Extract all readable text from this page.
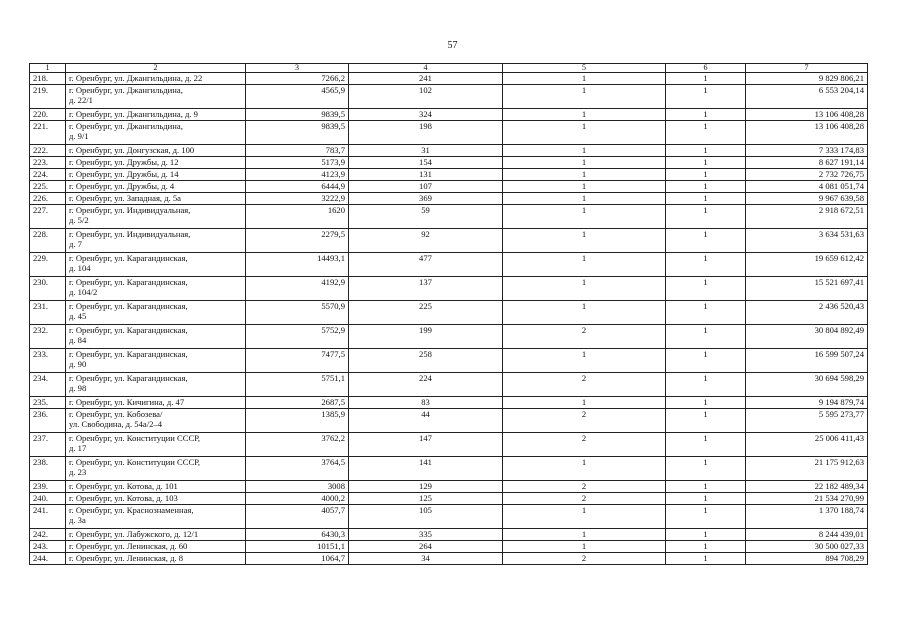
57
1	2	3	4	5	6	7
218.	г. Оренбург, ул. Джангильдина, д. 22	7266,2	241	1	1	9 829 806,21
219.	г. Оренбург, ул. Джангильдина,
д. 22/1	4565,9	102	1	1	6 553 204,14
220.	г. Оренбург, ул. Джангильдина, д. 9	9839,5	324	1	1	13 106 408,28
221.	г. Оренбург, ул. Джангильдина,
д. 9/1	9839,5	198	1	1	13 106 408,28
222.	г. Оренбург, ул. Донгузская, д. 100	783,7	31	1	1	7 333 174,83
223.	г. Оренбург, ул. Дружбы, д. 12	5173,9	154	1	1	8 627 191,14
224.	г. Оренбург, ул. Дружбы, д. 14	4123,9	131	1	1	2 732 726,75
225.	г. Оренбург, ул. Дружбы, д. 4	6444,9	107	1	1	4 081 051,74
226.	г. Оренбург, ул. Западная, д. 5а	3222,9	369	1	1	9 967 639,58
227.	г. Оренбург, ул. Индивидуальная,
д. 5/2	1620	59	1	1	2 918 672,51
228.	г. Оренбург, ул. Индивидуальная,
д. 7	2279,5	92	1	1	3 634 531,63
229.	г. Оренбург, ул. Карагандинская,
д. 104	14493,1	477	1	1	19 659 612,42
230.	г. Оренбург, ул. Карагандинская,
д. 104/2	4192,9	137	1	1	15 521 697,41
231.	г. Оренбург, ул. Карагандинская,
д. 45	5570,9	225	1	1	2 436 520,43
232.	г. Оренбург, ул. Карагандинская,
д. 84	5752,9	199	2	1	30 804 892,49
233.	г. Оренбург, ул. Карагандинская,
д. 90	7477,5	258	1	1	16 599 507,24
234.	г. Оренбург, ул. Карагандинская,
д. 98	5751,1	224	2	1	30 694 598,29
235.	г. Оренбург, ул. Кичигина, д. 47	2687,5	83	1	1	9 194 879,74
236.	г. Оренбург, ул. Кобозева/
ул. Свободина, д. 54а/2–4	1385,9	44	2	1	5 595 273,77
237.	г. Оренбург, ул. Конституции СССР,
д. 17	3762,2	147	2	1	25 006 411,43
238.	г. Оренбург, ул. Конституции СССР,
д. 23	3764,5	141	1	1	21 175 912,63
239.	г. Оренбург, ул. Котова, д. 101	3008	129	2	1	22 182 489,34
240.	г. Оренбург, ул. Котова, д. 103	4000,2	125	2	1	21 534 270,99
241.	г. Оренбург, ул. Краснознаменная,
д. 3а	4057,7	105	1	1	1 370 188,74
242.	г. Оренбург, ул. Лабужского, д. 12/1	6430,3	335	1	1	8 244 439,01
243.	г. Оренбург, ул. Ленинская, д. 60	10151,1	264	1	1	30 500 027,33
244.	г. Оренбург, ул. Ленинская, д. 8	1064,7	34	2	1	894 708,29
